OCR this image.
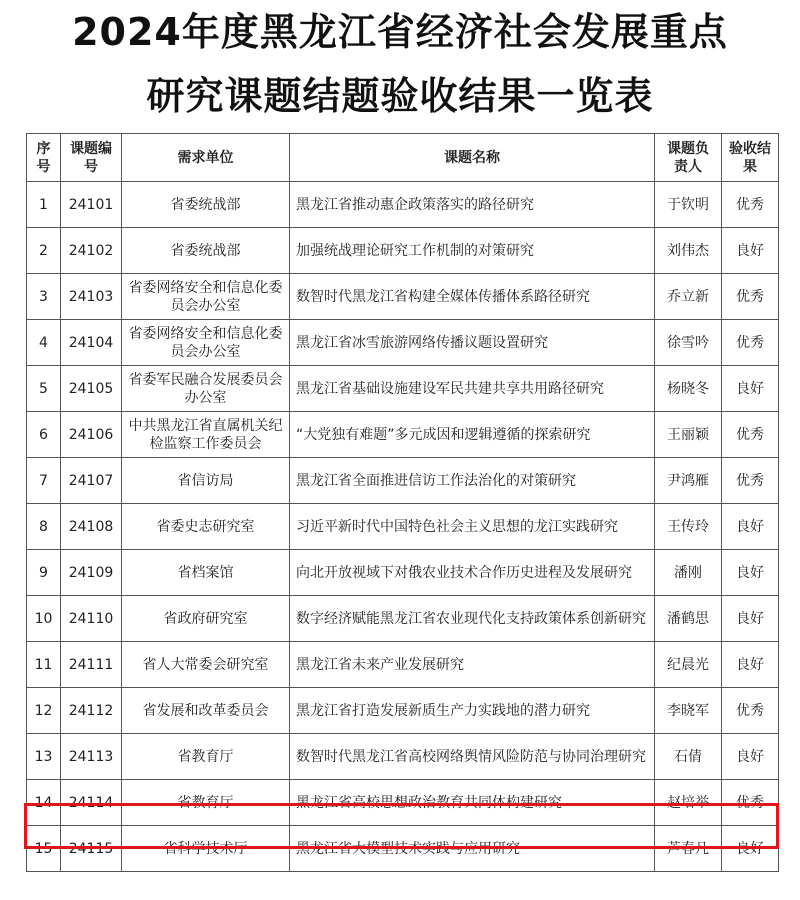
2024年度黑龙江省经济社会发展重点
研究课题结题验收结果一览表
序号	课题编号	需求单位	课题名称	课题负责人	验收结果
1	24101	省委统战部	黑龙江省推动惠企政策落实的路径研究	于钦明	优秀
2	24102	省委统战部	加强统战理论研究工作机制的对策研究	刘伟杰	良好
3	24103	省委网络安全和信息化委员会办公室	数智时代黑龙江省构建全媒体传播体系路径研究	乔立新	优秀
4	24104	省委网络安全和信息化委员会办公室	黑龙江省冰雪旅游网络传播议题设置研究	徐雪吟	优秀
5	24105	省委军民融合发展委员会办公室	黑龙江省基础设施建设军民共建共享共用路径研究	杨晓冬	良好
6	24106	中共黑龙江省直属机关纪检监察工作委员会	“大党独有难题”多元成因和逻辑遵循的探索研究	王丽颖	优秀
7	24107	省信访局	黑龙江省全面推进信访工作法治化的对策研究	尹鸿雁	优秀
8	24108	省委史志研究室	习近平新时代中国特色社会主义思想的龙江实践研究	王传玲	良好
9	24109	省档案馆	向北开放视域下对俄农业技术合作历史进程及发展研究	潘刚	良好
10	24110	省政府研究室	数字经济赋能黑龙江省农业现代化支持政策体系创新研究	潘鹤思	良好
11	24111	省人大常委会研究室	黑龙江省未来产业发展研究	纪晨光	良好
12	24112	省发展和改革委员会	黑龙江省打造发展新质生产力实践地的潜力研究	李晓军	优秀
13	24113	省教育厅	数智时代黑龙江省高校网络舆情风险防范与协同治理研究	石倩	良好
14	24114	省教育厅	黑龙江省高校思想政治教育共同体构建研究	赵培举	优秀
15	24115	省科学技术厅	黑龙江省大模型技术实践与应用研究	芦春凡	良好
